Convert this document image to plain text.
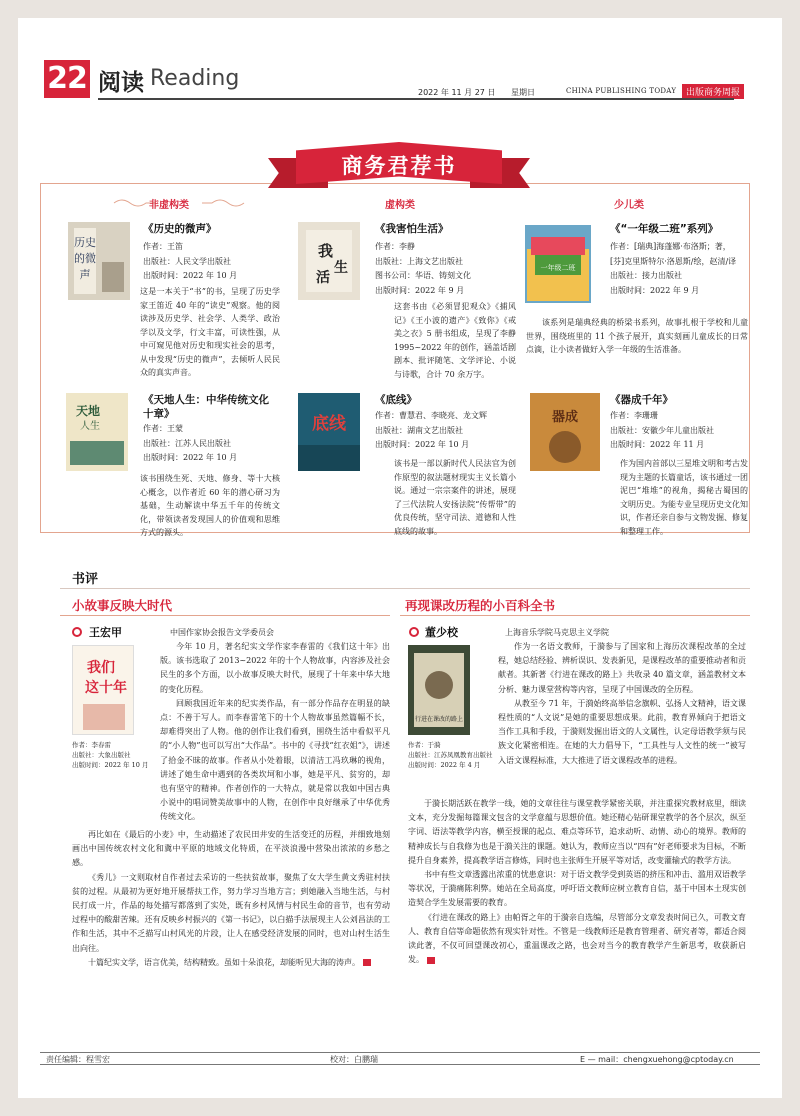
22 阅读 Reading
2022 年 11 月 27 日 星期日	CHINA PUBLISHING TODAY	出版商务周报
商务君荐书
非虚构类	虚构类	少儿类
历史
的微
声
《历史的微声》
作者：王笛
出版社：人民文学出版社
出版时间：2022 年 10 月

这是一本关于“书”的书，呈现了历史学家王笛近 40 年的“读史”观察。他的阅读涉及历史学、社会学、人类学、政治学以及文学，行文丰富，可读性强，从中可窥见他对历史和现实社会的思考，从中发现“历史的微声”，去倾听人民民众的真实声音。

我
生
活
《我害怕生活》
作者：李静
出版社：上海文艺出版社
图书公司：华语、铸刻文化
出版时间：2022 年 9 月

这套书由《必须冒犯观众》《捕风记》《王小波的遗产》《致你》《戒美之衣》5 册书组成，呈现了李静 1995~2022 年的创作，涵盖话剧剧本、批评随笔、文学评论、小说与诗歌，合计 70 余万字。

一年级二班
《“一年级二班”系列》
作者：[瑞典]海蓬娜·布洛斯；著，[芬]克里斯特尔·洛恩斯/绘，赵清/译
出版社：接力出版社
出版时间：2022 年 9 月

该系列是瑞典经典的桥梁书系列，故事扎根于学校和儿童世界，围绕班里的 11 个孩子展开，真实刻画儿童成长的日常点滴，让小读者做好入学一年级的生活准备。

天地
人生
《天地人生：中华传统文化十章》
作者：王蒙
出版社：江苏人民出版社
出版时间：2022 年 10 月

该书围绕生死、天地、修身、等十大核心概念，以作者近 60 年的潜心研习为基础，生动解读中华五千年的传统文化，带领读者发现国人的价值观和思维方式的源头。

底线
《底线》
作者：曹慧君、李晓亮、龙文辉
出版社：湖南文艺出版社
出版时间：2022 年 10 月

该书是一部以新时代人民法官为创作原型的叙法题材现实主义长篇小说。通过一宗宗案件的讲述，展现了三代法院人安扬法院“传帮带”的优良传统，坚守司法、道德和人性底线的故事。

器成
《器成千年》
作者：李珊珊
出版社：安徽少年儿童出版社
出版时间：2022 年 11 月

作为国内首部以三星堆文明和考古发现为主题的长篇童话，该书通过一团泥巴“堆堆”的视角，揭秘古蜀国的文明历史。为能专业呈现历史文化知识，作者还亲自参与文物发掘、修复和整理工作。

书评
小故事反映大时代
王宏甲	中国作家协会报告文学委员会
我们
这十年
作者：李春雷
出版社：大象出版社
出版时间：2022 年 10 月

今年 10 月，著名纪实文学作家李春雷的《我们这十年》出版。该书选取了 2013~2022 年的十个人物故事，内容涉及社会民生的多个方面，以小故事反映大时代，展现了十年来中华大地的变化历程。

回顾我国近年来的纪实类作品，有一部分作品存在明显的缺点：不善于写人。而李春雷笔下的十个人物故事虽然篇幅不长，却难得突出了人物。他的创作让我们看到，围绕生活中看似平凡的“小人物”也可以写出“大作品”。书中的《寻找“红衣姐”》，讲述了拾金不昧的故事。作者从小处着眼，以清洁工冯玖琳的视角，讲述了她生命中遇到的各类坎坷和小事，她是平凡、贫穷的，却也有坚守的精神。作者创作的一大特点，就是常以我如中国古典小说中的唱词赞美故事中的人物，在创作中良好继承了中华优秀传统文化。

再比如在《最后的小麦》中，生动描述了农民田井安的生活变迁的历程，并细致地刻画出中国传统农村文化和冀中平原的地域文化特质，在平淡浪漫中营染出浓浓的乡愁之感。

《秀儿》一文则取材自作者过去采访的一些扶贫故事，聚焦了女大学生黄文秀驻村扶贫的过程。从最初为更好地开展帮扶工作，努力学习当地方言；到她融入当地生活，与村民打成一片，作品的每处描写都落到了实处，既有乡村风情与村民生命的音节，也有劳动过程中的酸甜苦辣。还有反映乡村振兴的《第一书记》，以白描手法展现主人公刘昌法的工作和生活，其中不乏描写山村风光的片段，让人在感受经济发展的同时，也对山村生活生出向往。

十篇纪实文学，语言优美，结构精致。虽如十朵浪花，却能听见大海的涛声。

再现课改历程的小百科全书
董少校	上海音乐学院马克思主义学院
行进在课改的路上
作者：于漪
出版社：江苏凤凰教育出版社
出版时间：2022 年 4 月

作为一名语文教师，于漪参与了国家和上海历次课程改革的全过程，她总结经验、辨析误识、发表新见，是课程改革的重要推动者和贡献者。其新著《行进在课改的路上》共收录 40 篇文章，涵盖教材文本分析、魅力课堂营构等内容，呈现了中国课改的全历程。

从教至今 71 年，于漪始终高举信念旗帜、弘扬人文精神，语文课程性质的“人文说”是她的重要思想成果。此前，教育界倾向于把语文当作工具和手段，于漪则发掘出语文的人文属性，认定母语教学须与民族文化紧密相连。在她的大力倡导下，“工具性与人文性的统一”被写入语文课程标准，大大推进了语文课程改革的进程。

于漪长期活跃在教学一线，她的文章往往与课堂教学紧密关联，并注重探究教材底里，细读文本，充分发掘每篇课文包含的文学意蕴与思想价值。她还精心钻研课堂教学的各个层次，纵至字词、语法等教学内容，横至授课的起点、难点等环节，追求动听、动情、动心的境界。教师的精神成长与自我修为也是于漪关注的课题。她认为，教师应当以“四有”好老师要求为目标，不断提升自身素养，提高教学语言修炼，同时也主张师生开展平等对话，改变灌输式的教学方法。

书中有些文章透露出浓重的忧患意识：对于语文教学受到英语的挤压和冲击、滥用双语教学等状况，于漪痛陈利弊。她站在全局高度，呼吁语文教师应树立教育自信，基于中国本土现实创造契合学生发展需要的教育。

《行进在课改的路上》由帕胥之年的于漪亲自选编，尽管部分文章发表时间已久，可教文育人、教育自信等命题依然有现实针对性。不管是一线教师还是教育管理者、研究者等，都适合阅读此著，不仅可回望课改初心，重温课改之路，也会对当今的教育教学产生新思考，收获新启发。

责任编辑：程雪宏	校对：白鹏瑞	E — mail：chengxuehong@cptoday.cn
